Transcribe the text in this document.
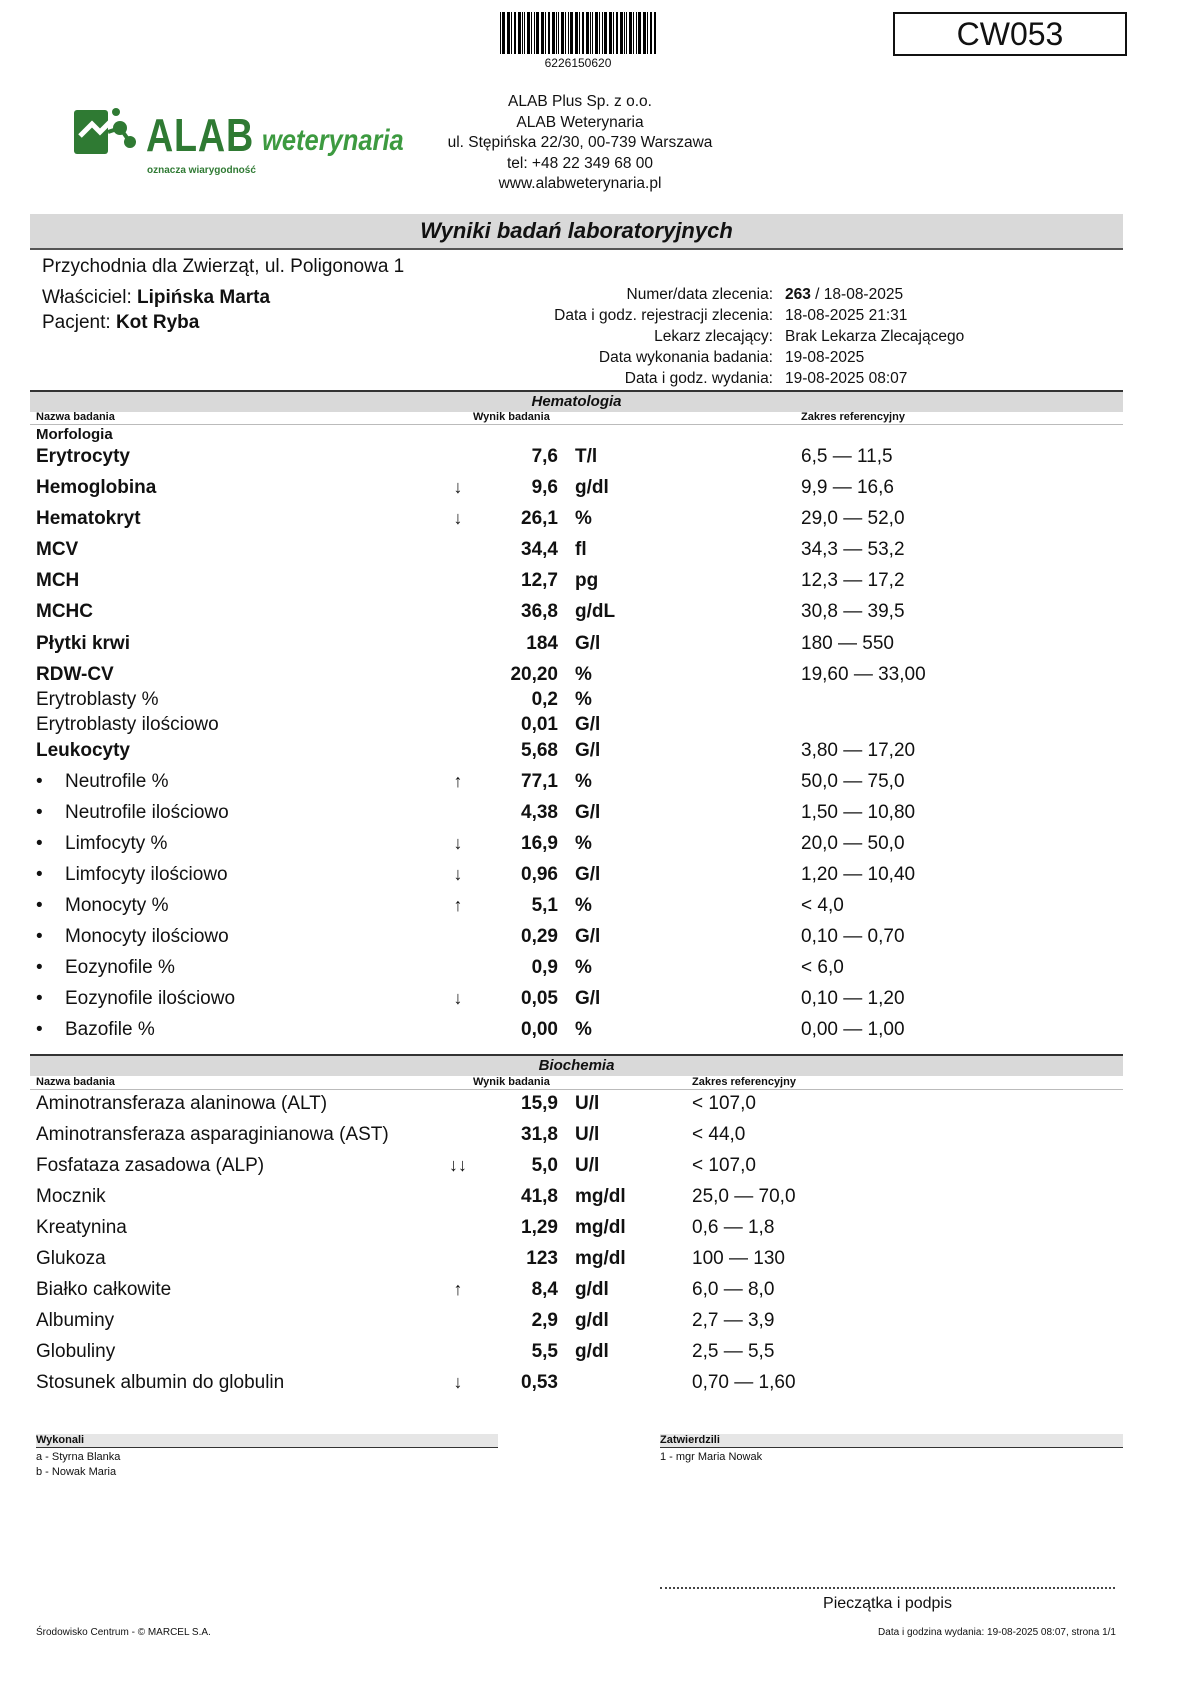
6226150620
CW053
ALAB weterynaria
oznacza wiarygodność
ALAB Plus Sp. z o.o.
ALAB Weterynaria
ul. Stępińska 22/30, 00-739 Warszawa
tel: +48 22 349 68 00
www.alabweterynaria.pl
Wyniki badań laboratoryjnych
Przychodnia dla Zwierząt, ul. Poligonowa 1
Właściciel: Lipińska Marta
Pacjent: Kot Ryba
Numer/data zlecenia: 263 / 18-08-2025
Data i godz. rejestracji zlecenia: 18-08-2025 21:31
Lekarz zlecający: Brak Lekarza Zlecającego
Data wykonania badania: 19-08-2025
Data i godz. wydania: 19-08-2025 08:07
Hematologia
Nazwa badania	Wynik badania	Zakres referencyjny
Morfologia
Erytrocyty	7,6 T/l	6,5 — 11,5
Hemoglobina	↓	9,6 g/dl	9,9 — 16,6
Hematokryt	↓	26,1 %	29,0 — 52,0
MCV	34,4 fl	34,3 — 53,2
MCH	12,7 pg	12,3 — 17,2
MCHC	36,8 g/dL	30,8 — 39,5
Płytki krwi	184 G/l	180 — 550
RDW-CV	20,20 %	19,60 — 33,00
Erytroblasty %	0,2 %
Erytroblasty ilościowo	0,01 G/l
Leukocyty	5,68 G/l	3,80 — 17,20
• Neutrofile %	↑	77,1 %	50,0 — 75,0
• Neutrofile ilościowo	4,38 G/l	1,50 — 10,80
• Limfocyty %	↓	16,9 %	20,0 — 50,0
• Limfocyty ilościowo	↓	0,96 G/l	1,20 — 10,40
• Monocyty %	↑	5,1 %	< 4,0
• Monocyty ilościowo	0,29 G/l	0,10 — 0,70
• Eozynofile %	0,9 %	< 6,0
• Eozynofile ilościowo	↓	0,05 G/l	0,10 — 1,20
• Bazofile %	0,00 %	0,00 — 1,00
Biochemia
Nazwa badania	Wynik badania	Zakres referencyjny
Aminotransferaza alaninowa (ALT)	15,9 U/l	< 107,0
Aminotransferaza asparaginianowa (AST)	31,8 U/l	< 44,0
Fosfataza zasadowa (ALP)	↓↓	5,0 U/l	< 107,0
Mocznik	41,8 mg/dl	25,0 — 70,0
Kreatynina	1,29 mg/dl	0,6 — 1,8
Glukoza	123 mg/dl	100 — 130
Białko całkowite	↑	8,4 g/dl	6,0 — 8,0
Albuminy	2,9 g/dl	2,7 — 3,9
Globuliny	5,5 g/dl	2,5 — 5,5
Stosunek albumin do globulin	↓	0,53	0,70 — 1,60
Wykonali
a - Styrna Blanka
b - Nowak Maria
Zatwierdzili
1 - mgr Maria Nowak
Pieczątka i podpis
Środowisko Centrum - © MARCEL S.A.	Data i godzina wydania: 19-08-2025 08:07, strona 1/1
